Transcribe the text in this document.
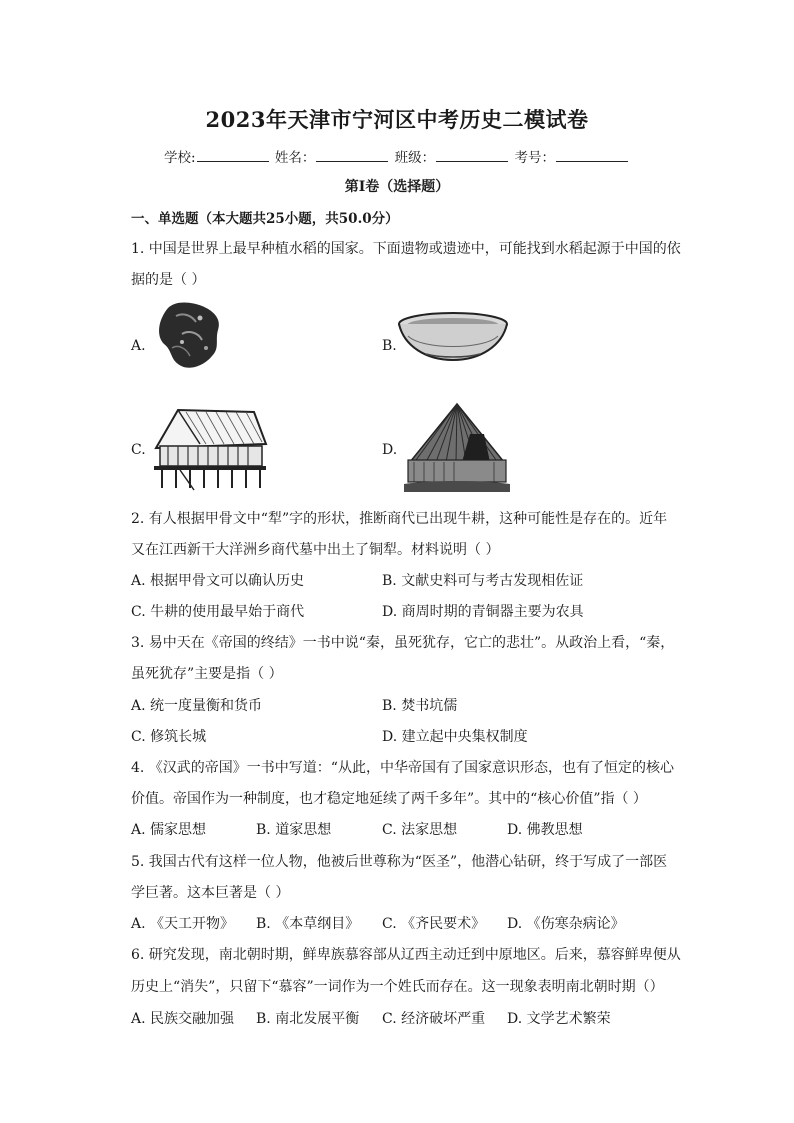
2023年天津市宁河区中考历史二模试卷
学校:	姓名：	班级：	考号：
第Ⅰ卷（选择题）
一、单选题（本大题共25小题，共50.0分）
1. 中国是世界上最早种植水稻的国家。下面遗物或遗迹中，可能找到水稻起源于中国的依
据的是（ ）
A.	B.
C.	D.
2. 有人根据甲骨文中“犁”字的形状，推断商代已出现牛耕，这种可能性是存在的。近年
又在江西新干大洋洲乡商代墓中出土了铜犁。材料说明（ ）
A. 根据甲骨文可以确认历史	B. 文献史料可与考古发现相佐证
C. 牛耕的使用最早始于商代	D. 商周时期的青铜器主要为农具
3. 易中天在《帝国的终结》一书中说“秦，虽死犹存，它亡的悲壮”。从政治上看，“秦，
虽死犹存”主要是指（ ）
A. 统一度量衡和货币	B. 焚书坑儒
C. 修筑长城	D. 建立起中央集权制度
4. 《汉武的帝国》一书中写道：“从此，中华帝国有了国家意识形态，也有了恒定的核心
价值。帝国作为一种制度，也才稳定地延续了两千多年”。其中的“核心价值”指（ ）
A. 儒家思想	B. 道家思想	C. 法家思想	D. 佛教思想
5. 我国古代有这样一位人物，他被后世尊称为“医圣”，他潜心钻研，终于写成了一部医
学巨著。这本巨著是（ ）
A. 《天工开物》 B. 《本草纲目》 C. 《齐民要术》 D. 《伤寒杂病论》
6. 研究发现，南北朝时期，鲜卑族慕容部从辽西主动迁到中原地区。后来，慕容鲜卑便从
历史上“消失”，只留下“慕容”一词作为一个姓氏而存在。这一现象表明南北朝时期（）
A. 民族交融加强 B. 南北发展平衡 C. 经济破坏严重 D. 文学艺术繁荣
